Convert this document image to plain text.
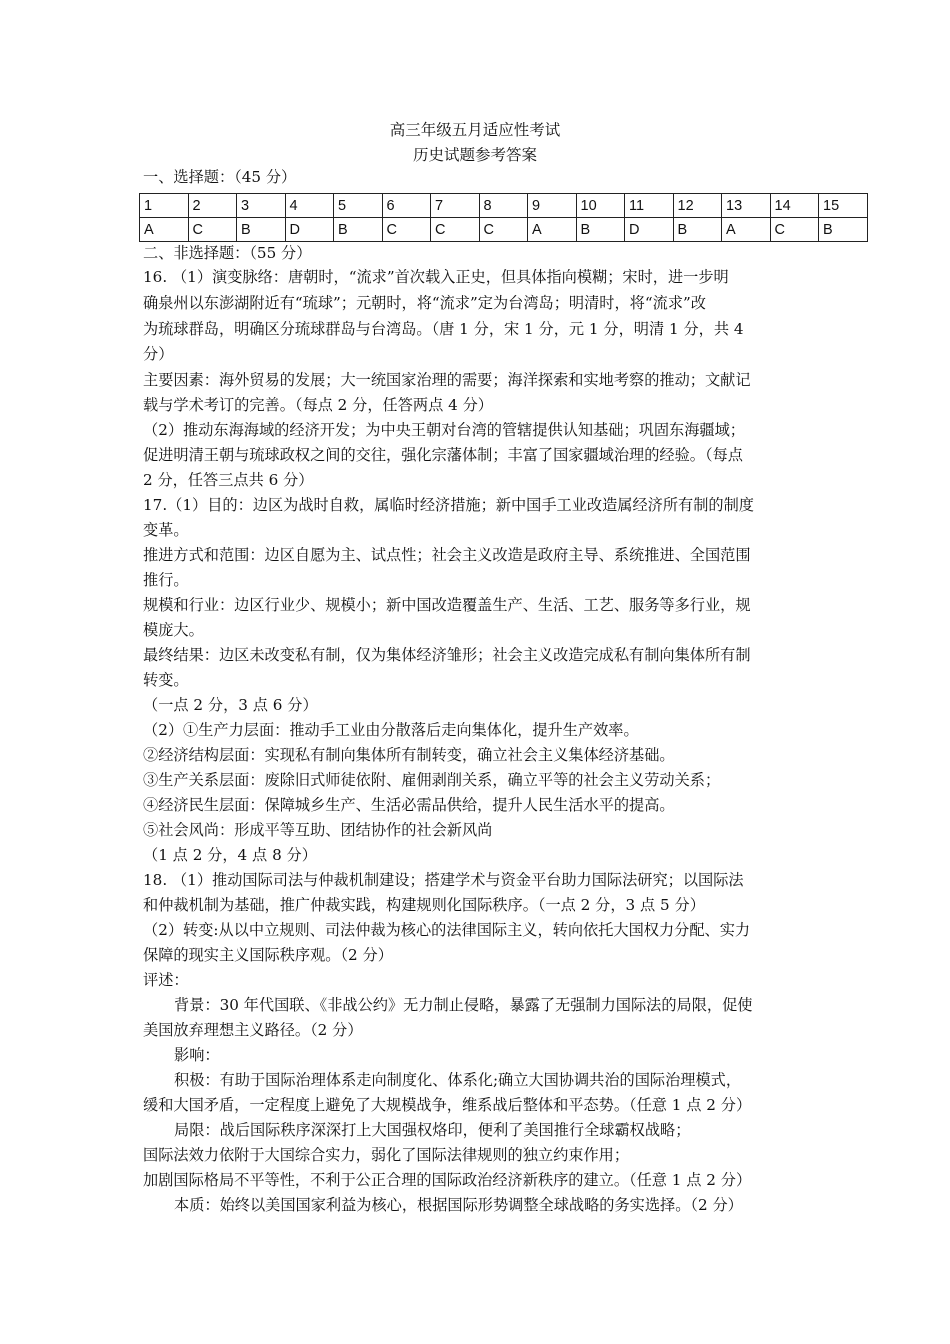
高三年级五月适应性考试
历史试题参考答案
一、选择题：（45 分）
1	2	3	4	5	6	7	8	9	10	11	12	13	14	15
A	C	B	D	B	C	C	C	A	B	D	B	A	C	B
二、非选择题：（55 分）
16. （1）演变脉络：唐朝时，“流求”首次载入正史，但具体指向模糊；宋时，进一步明
确泉州以东澎湖附近有“琉球”；元朝时，将“流求”定为台湾岛；明清时，将“流求”改
为琉球群岛，明确区分琉球群岛与台湾岛。（唐 1 分，宋 1 分，元 1 分，明清 1 分，共 4
分）
主要因素：海外贸易的发展；大一统国家治理的需要；海洋探索和实地考察的推动；文献记
载与学术考订的完善。（每点 2 分，任答两点 4 分）
（2）推动东海海域的经济开发；为中央王朝对台湾的管辖提供认知基础；巩固东海疆域；
促进明清王朝与琉球政权之间的交往，强化宗藩体制；丰富了国家疆域治理的经验。（每点
2 分，任答三点共 6 分）
17.（1）目的：边区为战时自救，属临时经济措施；新中国手工业改造属经济所有制的制度
变革。
推进方式和范围：边区自愿为主、试点性；社会主义改造是政府主导、系统推进、全国范围
推行。
规模和行业：边区行业少、规模小；新中国改造覆盖生产、生活、工艺、服务等多行业，规
模庞大。
最终结果：边区未改变私有制，仅为集体经济雏形；社会主义改造完成私有制向集体所有制
转变。
（一点 2 分，3 点 6 分）
（2）①生产力层面：推动手工业由分散落后走向集体化，提升生产效率。
②经济结构层面：实现私有制向集体所有制转变，确立社会主义集体经济基础。
③生产关系层面：废除旧式师徒依附、雇佣剥削关系，确立平等的社会主义劳动关系；
④经济民生层面：保障城乡生产、生活必需品供给，提升人民生活水平的提高。
⑤社会风尚：形成平等互助、团结协作的社会新风尚
（1 点 2 分，4 点 8 分）
18. （1）推动国际司法与仲裁机制建设；搭建学术与资金平台助力国际法研究；以国际法
和仲裁机制为基础，推广仲裁实践，构建规则化国际秩序。（一点 2 分，3 点 5 分）
（2）转变:从以中立规则、司法仲裁为核心的法律国际主义，转向依托大国权力分配、实力
保障的现实主义国际秩序观。（2 分）
评述：
背景：30 年代国联、《非战公约》无力制止侵略，暴露了无强制力国际法的局限，促使
美国放弃理想主义路径。（2 分）
影响：
积极：有助于国际治理体系走向制度化、体系化;确立大国协调共治的国际治理模式，
缓和大国矛盾，一定程度上避免了大规模战争，维系战后整体和平态势。（任意 1 点 2 分）
局限：战后国际秩序深深打上大国强权烙印，便利了美国推行全球霸权战略；
国际法效力依附于大国综合实力，弱化了国际法律规则的独立约束作用；
加剧国际格局不平等性，不利于公正合理的国际政治经济新秩序的建立。（任意 1 点 2 分）
本质：始终以美国国家利益为核心，根据国际形势调整全球战略的务实选择。（2 分）
